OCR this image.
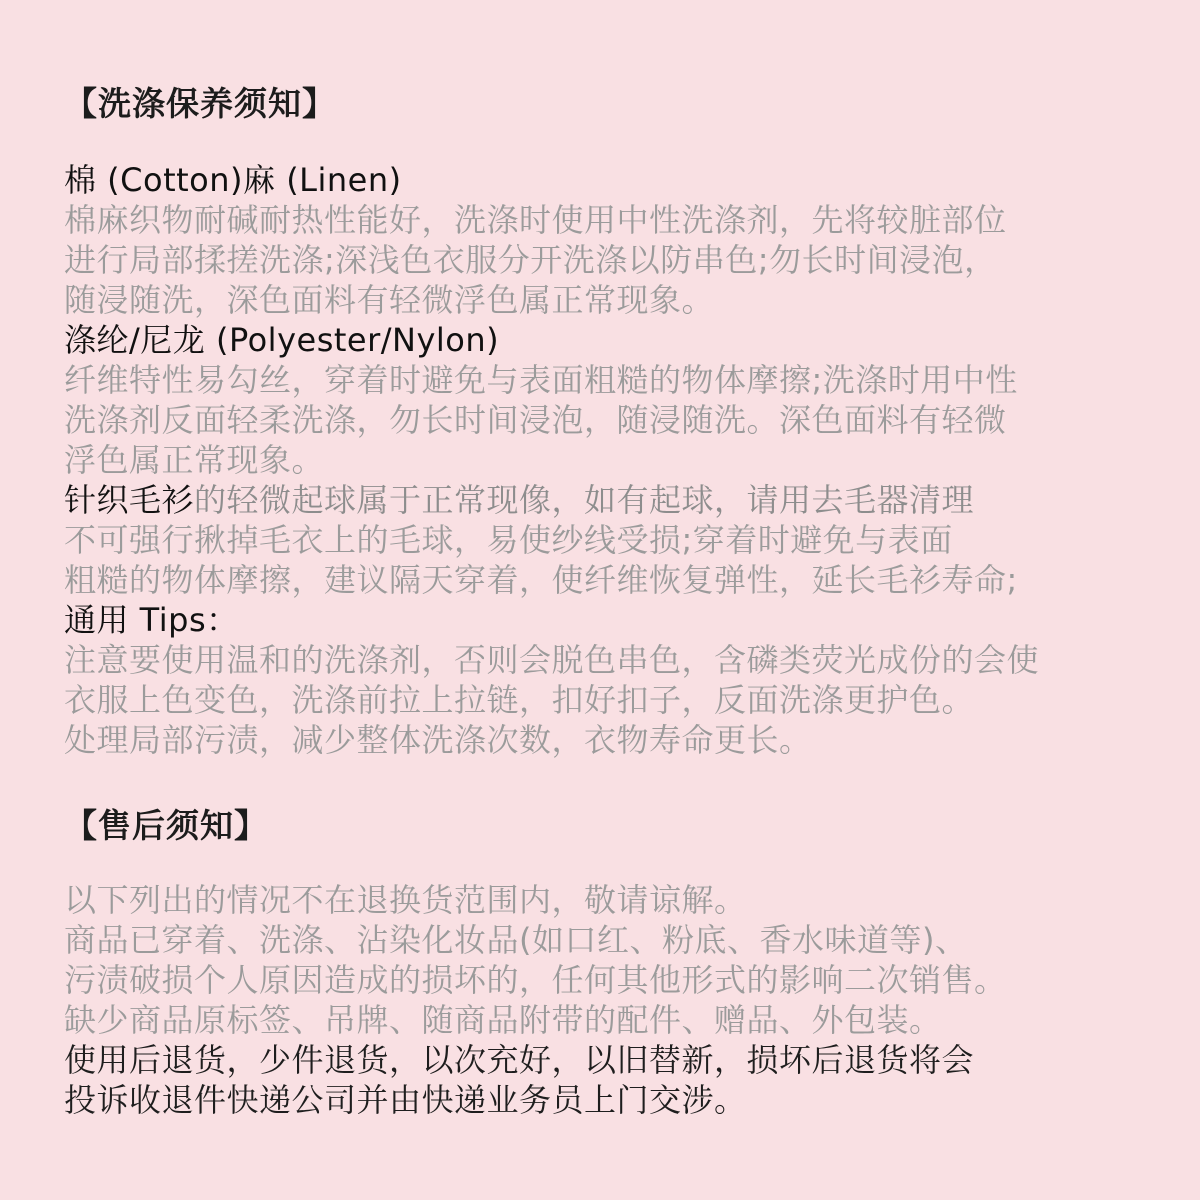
【洗涤保养须知】
棉 (Cotton)麻 (Linen)
棉麻织物耐碱耐热性能好，洗涤时使用中性洗涤剂，先将较脏部位
进行局部揉搓洗涤;深浅色衣服分开洗涤以防串色;勿长时间浸泡，
随浸随洗，深色面料有轻微浮色属正常现象。
涤纶/尼龙 (Polyester/Nylon)
纤维特性易勾丝，穿着时避免与表面粗糙的物体摩擦;洗涤时用中性
洗涤剂反面轻柔洗涤，勿长时间浸泡，随浸随洗。深色面料有轻微
浮色属正常现象。
针织毛衫的轻微起球属于正常现像，如有起球，请用去毛器清理
不可强行揪掉毛衣上的毛球，易使纱线受损;穿着时避免与表面
粗糙的物体摩擦，建议隔天穿着，使纤维恢复弹性，延长毛衫寿命;
通用 Tips：
注意要使用温和的洗涤剂，否则会脱色串色，含磷类荧光成份的会使
衣服上色变色，洗涤前拉上拉链，扣好扣子，反面洗涤更护色。
处理局部污渍，减少整体洗涤次数，衣物寿命更长。
【售后须知】
以下列出的情况不在退换货范围内，敬请谅解。
商品已穿着、洗涤、沾染化妆品(如口红、粉底、香水味道等)、
污渍破损个人原因造成的损坏的，任何其他形式的影响二次销售。
缺少商品原标签、吊牌、随商品附带的配件、赠品、外包装。
使用后退货，少件退货，以次充好，以旧替新，损坏后退货将会
投诉收退件快递公司并由快递业务员上门交涉。
